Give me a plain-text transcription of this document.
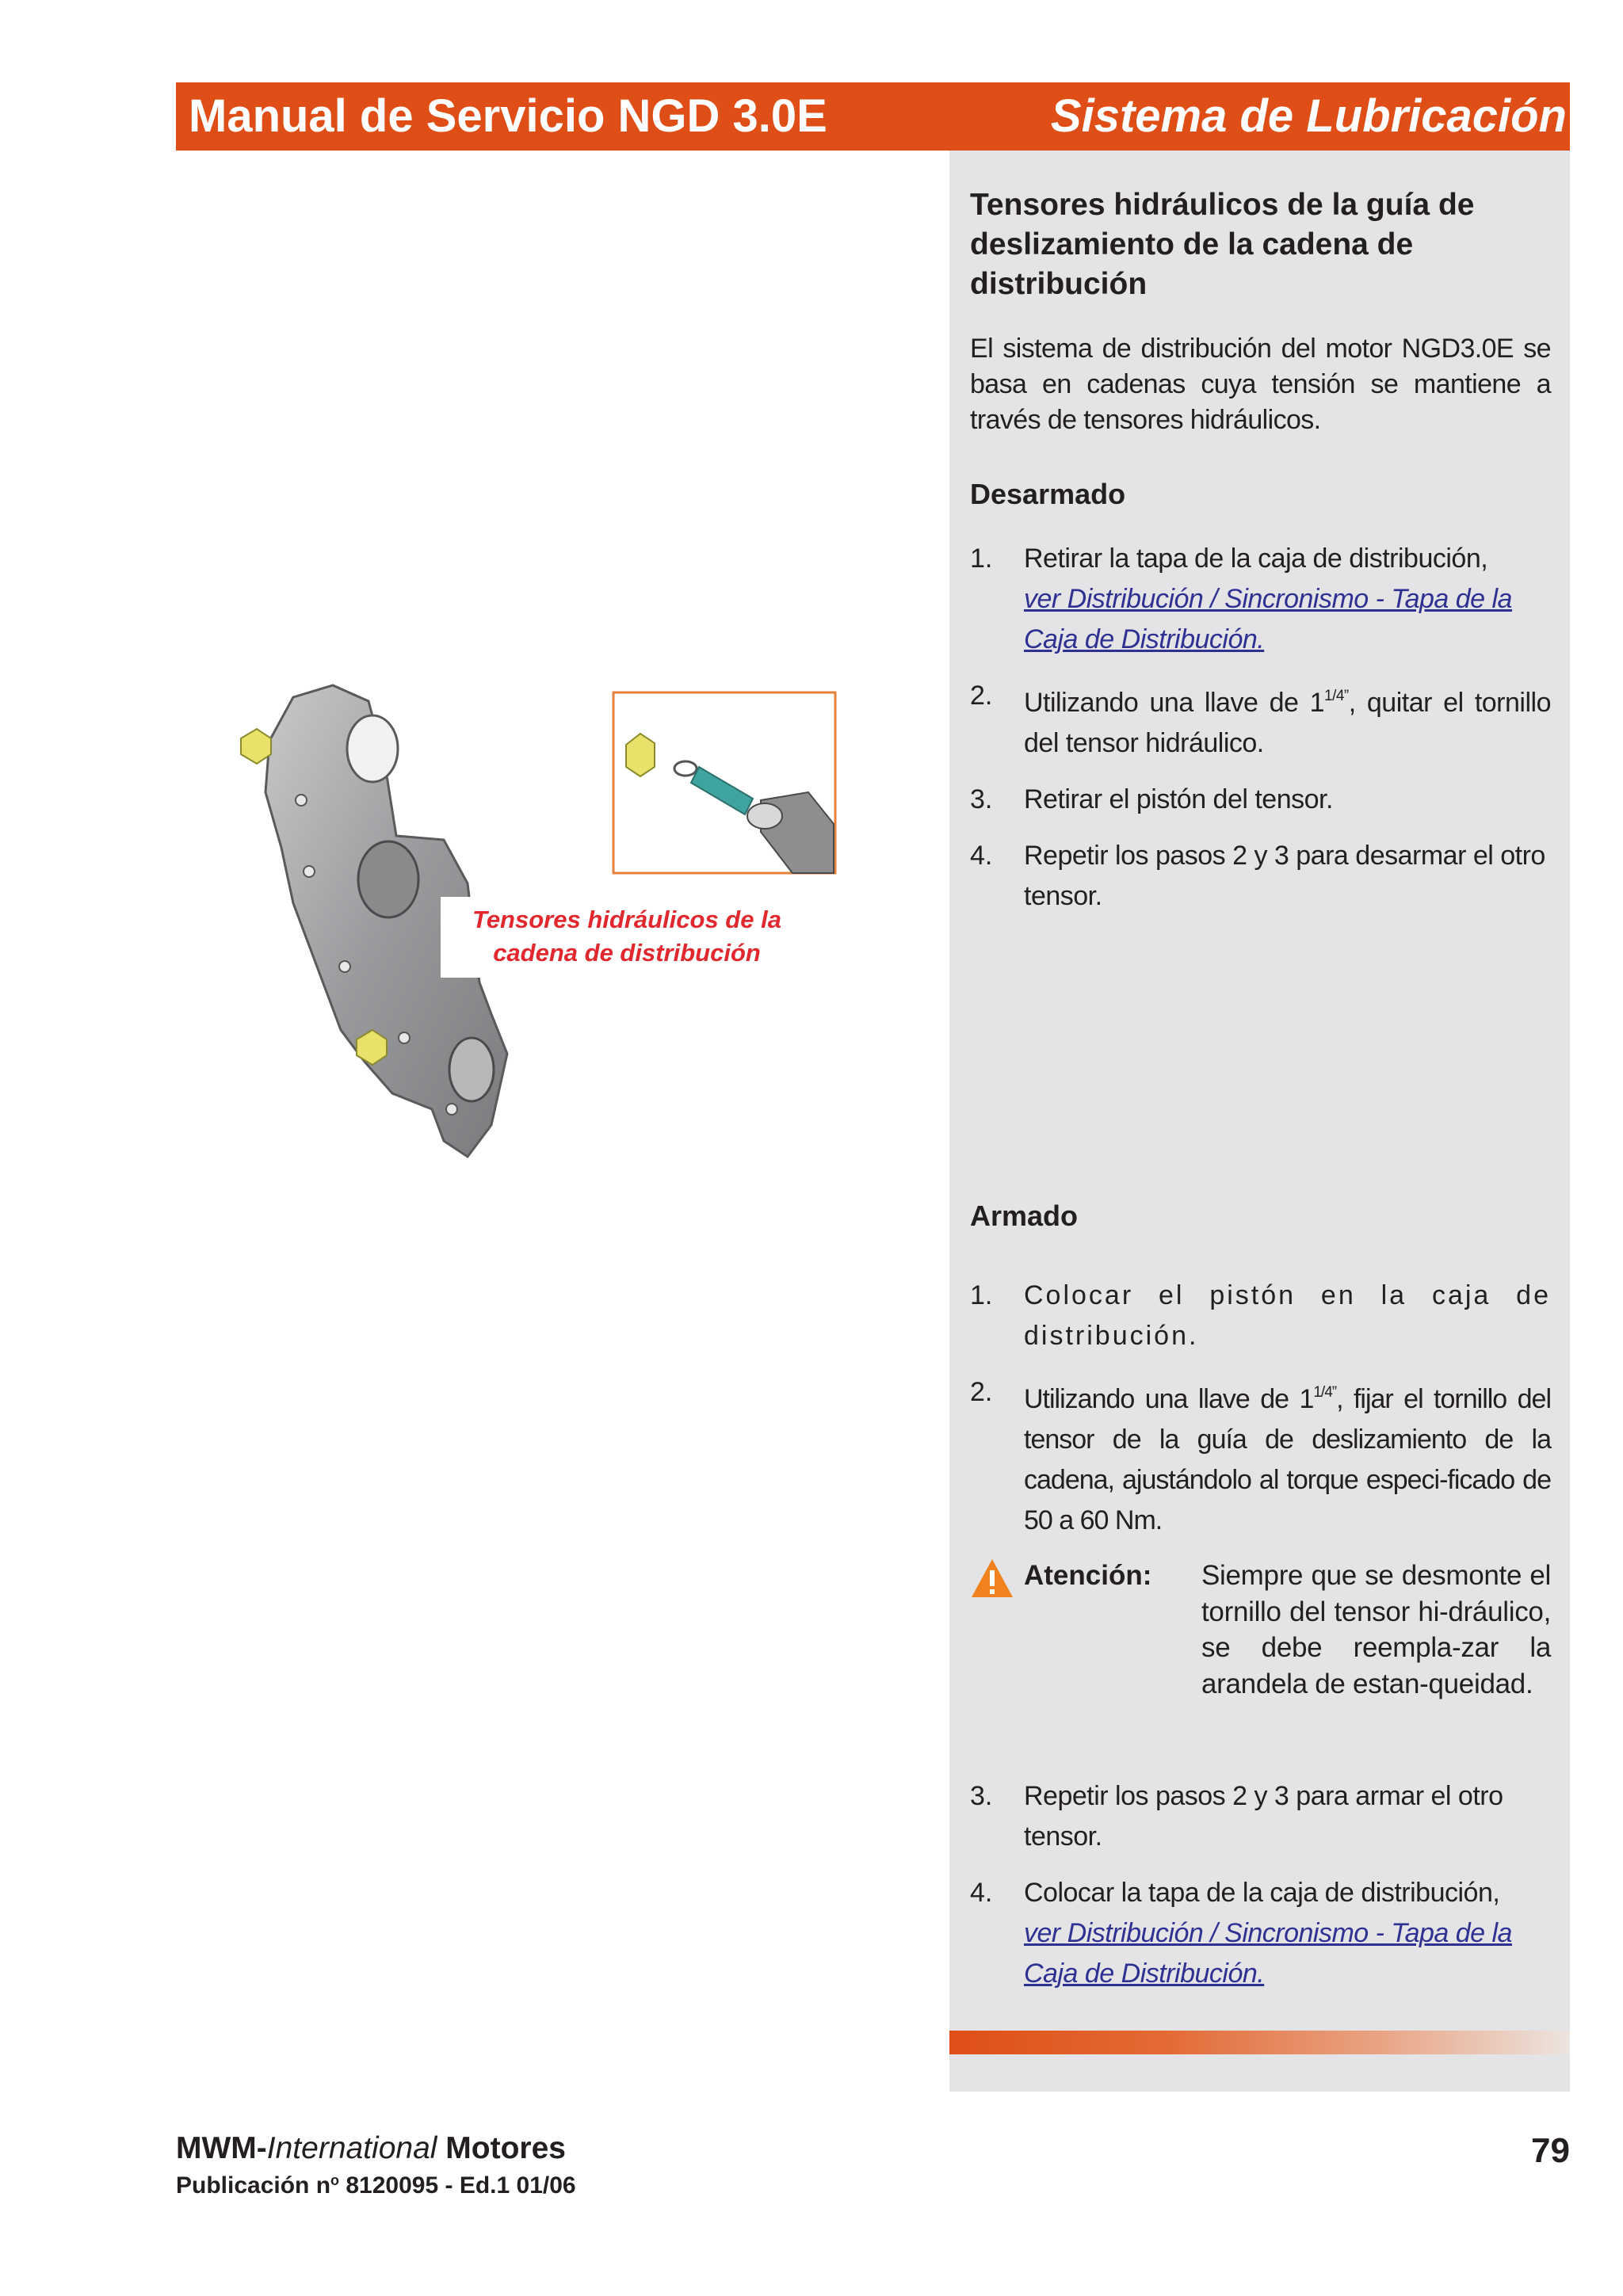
Manual de Servicio NGD 3.0E	Sistema de Lubricación
Tensores hidráulicos de la guía de deslizamiento de la cadena de distribución
El sistema de distribución del motor NGD3.0E se basa en cadenas cuya tensión se mantiene a través de tensores hidráulicos.
Desarmado
1. Retirar la tapa de la caja de distribución,
ver Distribución / Sincronismo - Tapa de la Caja de Distribución.
2. Utilizando una llave de $1^{1/4”}$, quitar el tornillo del tensor hidráulico.
3. Retirar el pistón del tensor.
4. Repetir los pasos 2 y 3 para desarmar el otro tensor.
Armado
1. Colocar el pistón en la caja de distribución.
2. Utilizando una llave de $1^{1/4”}$, fijar el tornillo del tensor de la guía de deslizamiento de la cadena, ajustándolo al torque especi-ficado de 50 a 60 Nm.
Atención: Siempre que se desmonte el tornillo del tensor hi-dráulico, se debe reempla-zar la arandela de estan-queidad.
3. Repetir los pasos 2 y 3 para armar el otro tensor.
4. Colocar la tapa de la caja de distribución,
ver Distribución / Sincronismo - Tapa de la Caja de Distribución.
Tensores hidráulicos de la
cadena de distribución
MWM-International Motores
Publicación $n^o$ 8120095 - Ed.1 01/06
79
